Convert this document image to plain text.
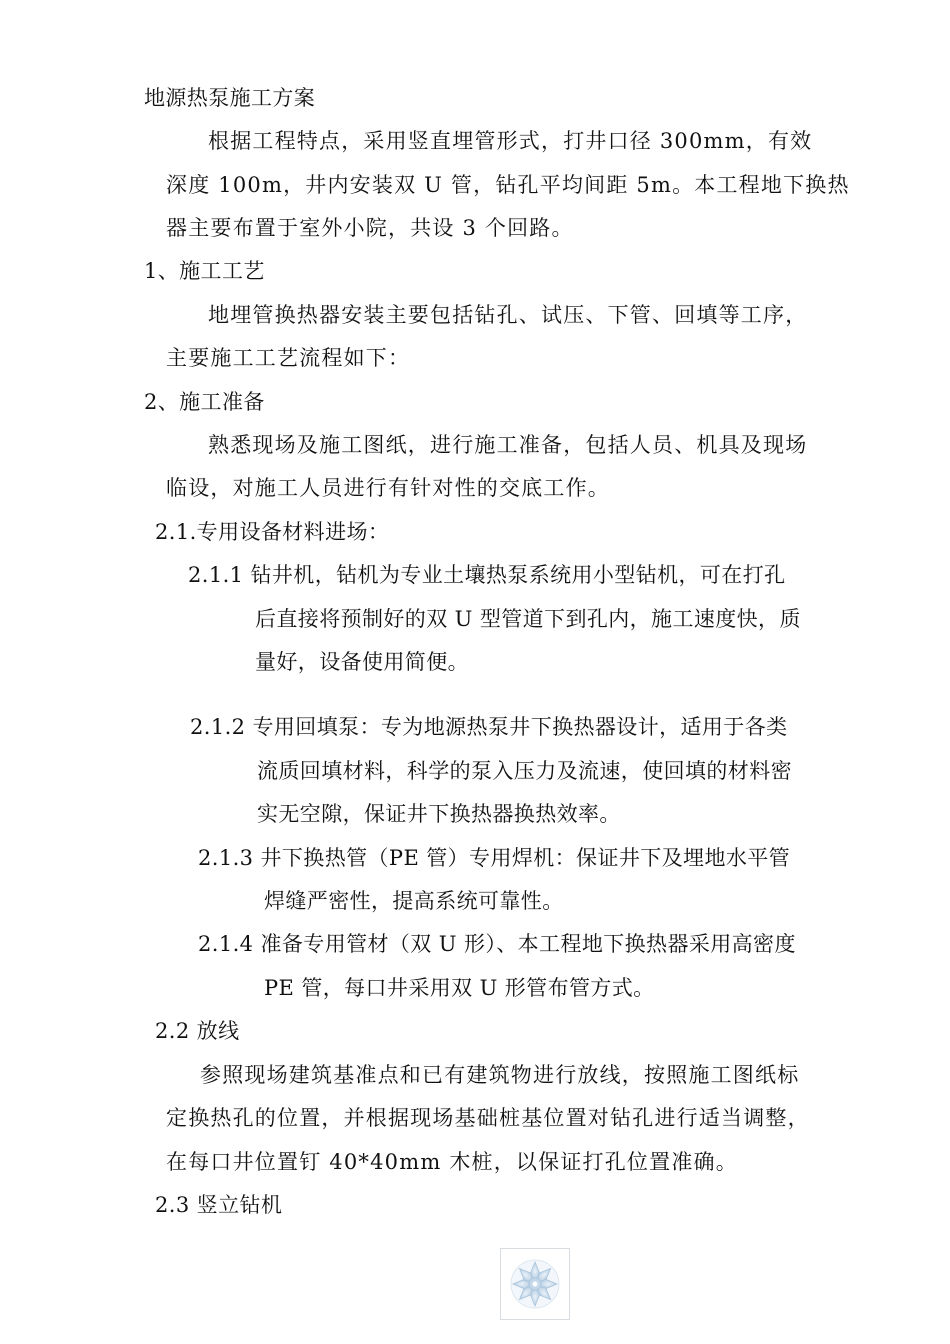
地源热泵施工方案
根据工程特点，采用竖直埋管形式，打井口径 300mm，有效
深度 100m，井内安装双 U 管，钻孔平均间距 5m。本工程地下换热
器主要布置于室外小院，共设 3 个回路。
1、施工工艺
地埋管换热器安装主要包括钻孔、试压、下管、回填等工序，
主要施工工艺流程如下：
2、施工准备
熟悉现场及施工图纸，进行施工准备，包括人员、机具及现场
临设，对施工人员进行有针对性的交底工作。
2.1.专用设备材料进场：
2.1.1 钻井机，钻机为专业土壤热泵系统用小型钻机，可在打孔
后直接将预制好的双 U 型管道下到孔内，施工速度快，质
量好，设备使用简便。
2.1.2 专用回填泵：专为地源热泵井下换热器设计，适用于各类
流质回填材料，科学的泵入压力及流速，使回填的材料密
实无空隙，保证井下换热器换热效率。
2.1.3 井下换热管（PE 管）专用焊机：保证井下及埋地水平管
焊缝严密性，提高系统可靠性。
2.1.4 准备专用管材（双 U 形）、本工程地下换热器采用高密度
PE 管，每口井采用双 U 形管布管方式。
2.2 放线
参照现场建筑基准点和已有建筑物进行放线，按照施工图纸标
定换热孔的位置，并根据现场基础桩基位置对钻孔进行适当调整，
在每口井位置钉 40*40mm 木桩，以保证打孔位置准确。
2.3 竖立钻机
